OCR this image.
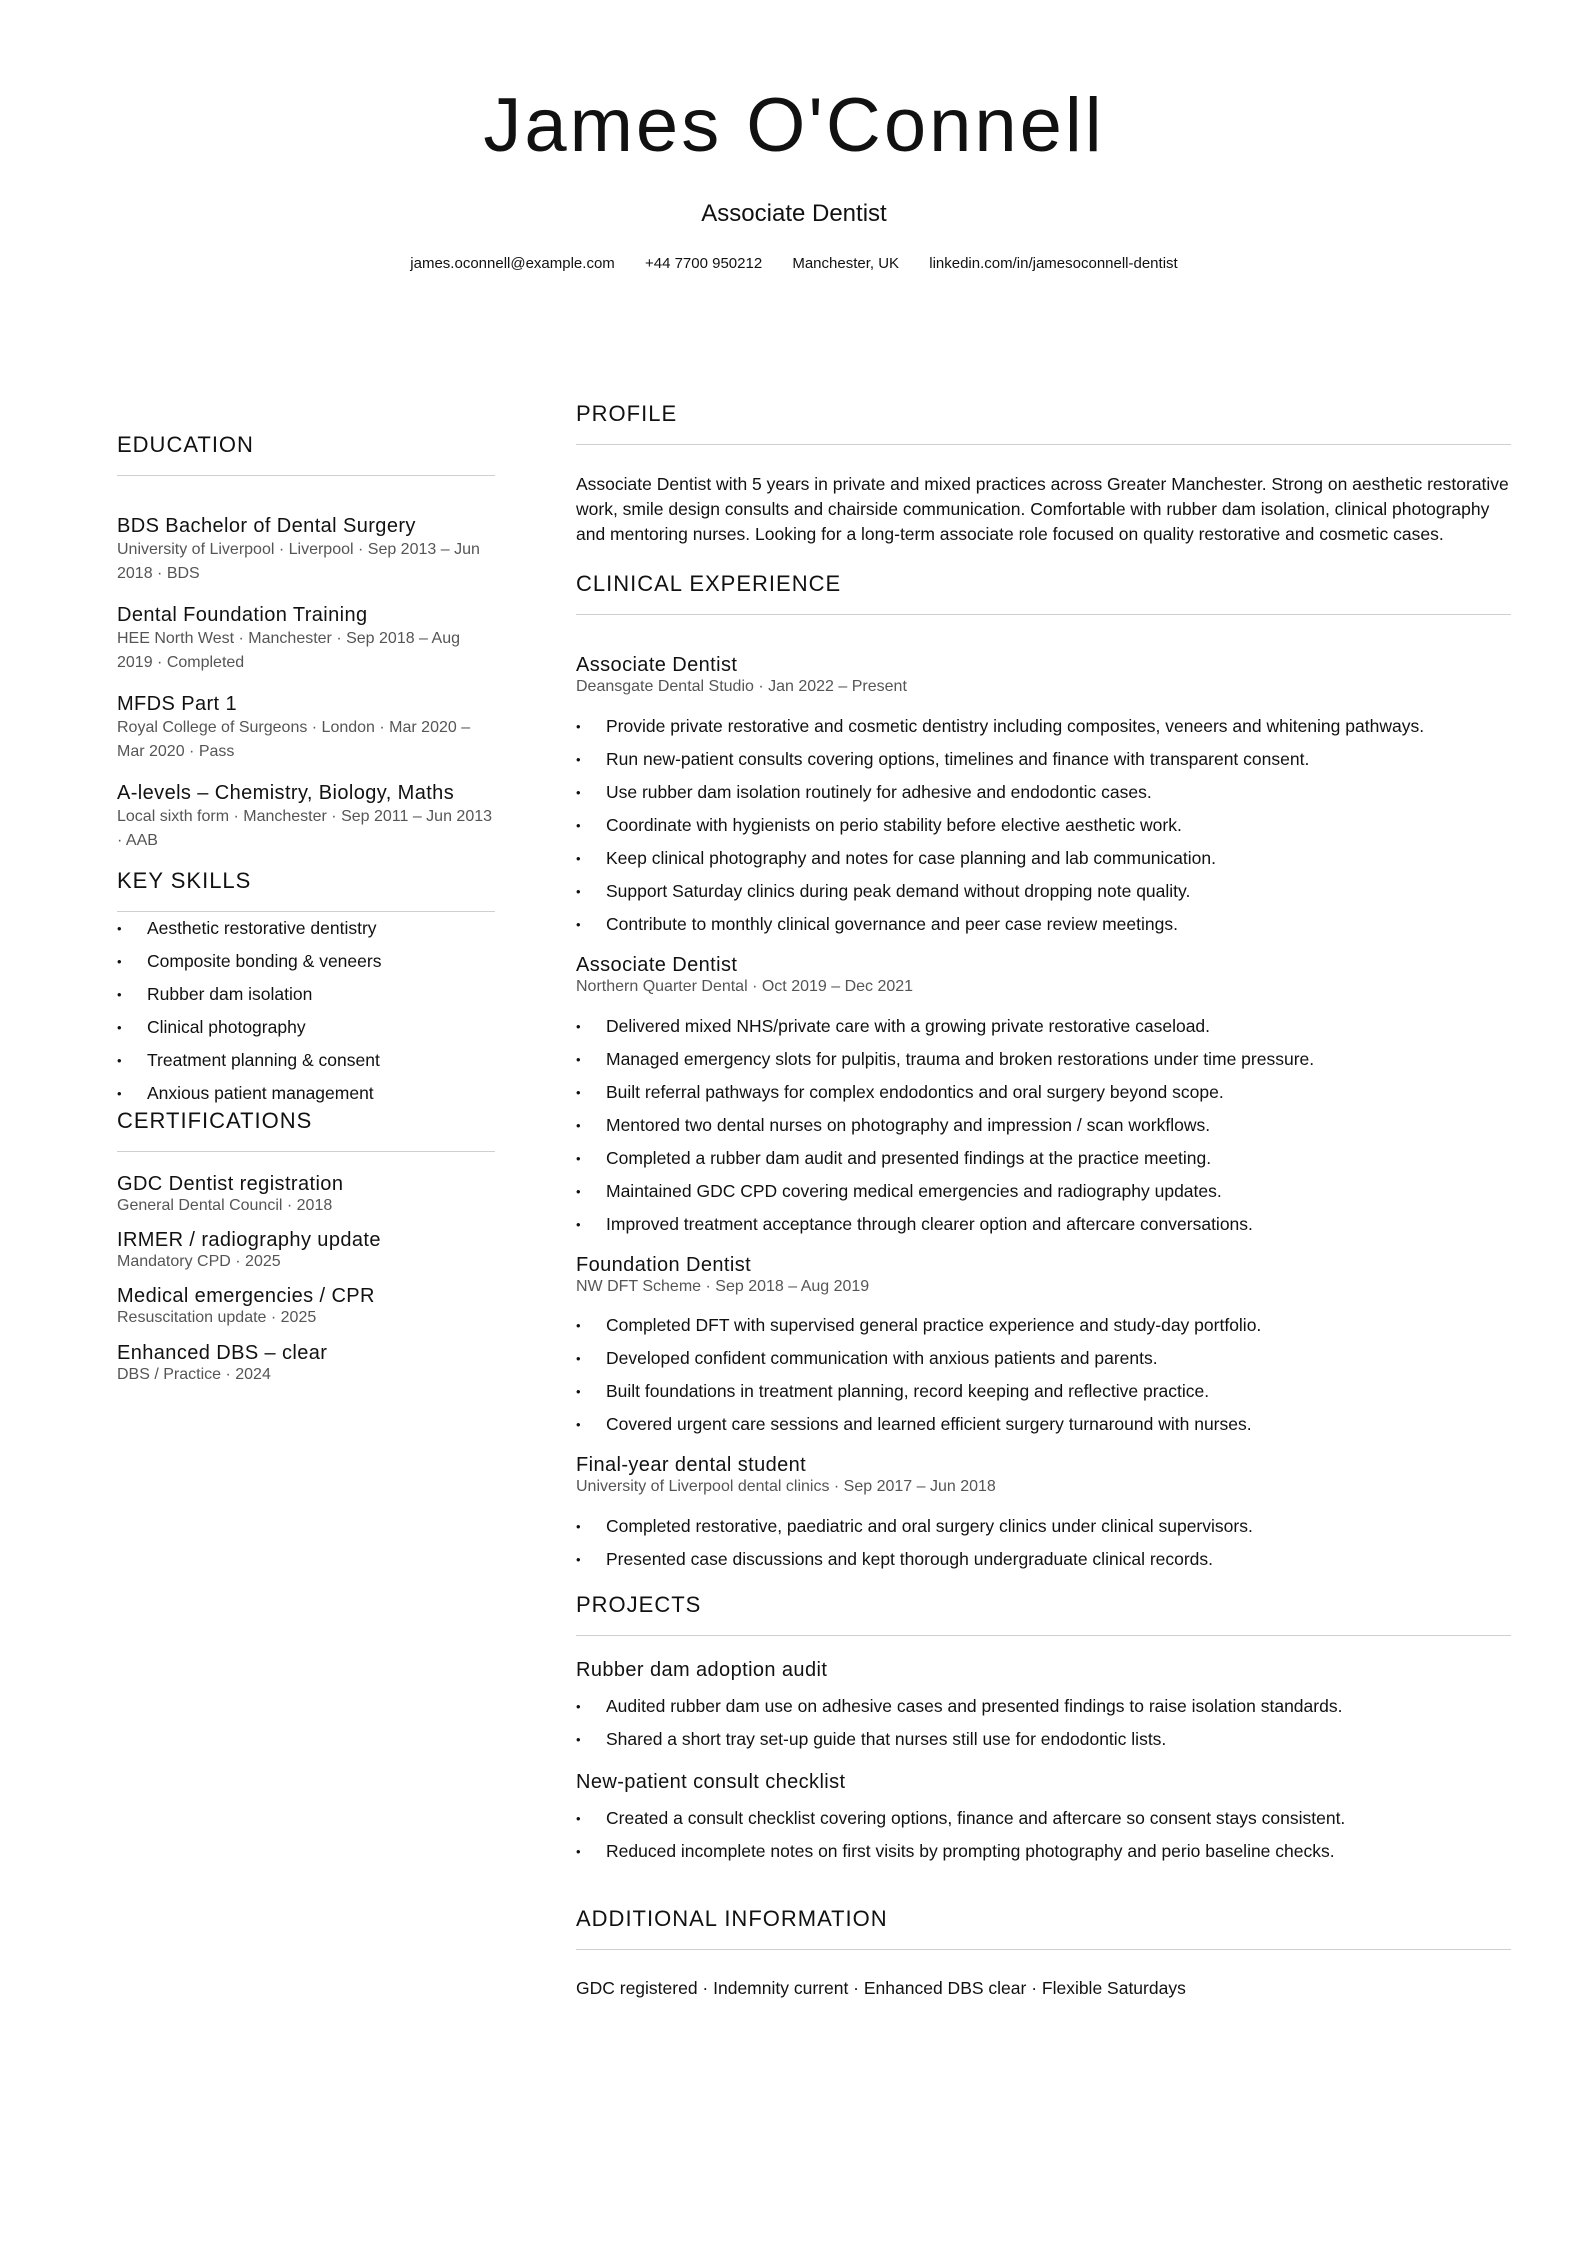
James O'Connell
Associate Dentist
james.oconnell@example.com +44 7700 950212 Manchester, UK linkedin.com/in/jamesoconnell-dentist
EDUCATION
BDS Bachelor of Dental Surgery
University of Liverpool · Liverpool · Sep 2013 – Jun 2018 · BDS
Dental Foundation Training
HEE North West · Manchester · Sep 2018 – Aug 2019 · Completed
MFDS Part 1
Royal College of Surgeons · London · Mar 2020 – Mar 2020 · Pass
A-levels – Chemistry, Biology, Maths
Local sixth form · Manchester · Sep 2011 – Jun 2013 · AAB
KEY SKILLS
• Aesthetic restorative dentistry
• Composite bonding & veneers
• Rubber dam isolation
• Clinical photography
• Treatment planning & consent
• Anxious patient management
CERTIFICATIONS
GDC Dentist registration
General Dental Council · 2018
IRMER / radiography update
Mandatory CPD · 2025
Medical emergencies / CPR
Resuscitation update · 2025
Enhanced DBS – clear
DBS / Practice · 2024
PROFILE
Associate Dentist with 5 years in private and mixed practices across Greater Manchester. Strong on aesthetic restorative work, smile design consults and chairside communication. Comfortable with rubber dam isolation, clinical photography and mentoring nurses. Looking for a long-term associate role focused on quality restorative and cosmetic cases.
CLINICAL EXPERIENCE
Associate Dentist
Deansgate Dental Studio · Jan 2022 – Present
• Provide private restorative and cosmetic dentistry including composites, veneers and whitening pathways.
• Run new-patient consults covering options, timelines and finance with transparent consent.
• Use rubber dam isolation routinely for adhesive and endodontic cases.
• Coordinate with hygienists on perio stability before elective aesthetic work.
• Keep clinical photography and notes for case planning and lab communication.
• Support Saturday clinics during peak demand without dropping note quality.
• Contribute to monthly clinical governance and peer case review meetings.
Associate Dentist
Northern Quarter Dental · Oct 2019 – Dec 2021
• Delivered mixed NHS/private care with a growing private restorative caseload.
• Managed emergency slots for pulpitis, trauma and broken restorations under time pressure.
• Built referral pathways for complex endodontics and oral surgery beyond scope.
• Mentored two dental nurses on photography and impression / scan workflows.
• Completed a rubber dam audit and presented findings at the practice meeting.
• Maintained GDC CPD covering medical emergencies and radiography updates.
• Improved treatment acceptance through clearer option and aftercare conversations.
Foundation Dentist
NW DFT Scheme · Sep 2018 – Aug 2019
• Completed DFT with supervised general practice experience and study-day portfolio.
• Developed confident communication with anxious patients and parents.
• Built foundations in treatment planning, record keeping and reflective practice.
• Covered urgent care sessions and learned efficient surgery turnaround with nurses.
Final-year dental student
University of Liverpool dental clinics · Sep 2017 – Jun 2018
• Completed restorative, paediatric and oral surgery clinics under clinical supervisors.
• Presented case discussions and kept thorough undergraduate clinical records.
PROJECTS
Rubber dam adoption audit
• Audited rubber dam use on adhesive cases and presented findings to raise isolation standards.
• Shared a short tray set-up guide that nurses still use for endodontic lists.
New-patient consult checklist
• Created a consult checklist covering options, finance and aftercare so consent stays consistent.
• Reduced incomplete notes on first visits by prompting photography and perio baseline checks.
ADDITIONAL INFORMATION
GDC registered · Indemnity current · Enhanced DBS clear · Flexible Saturdays
